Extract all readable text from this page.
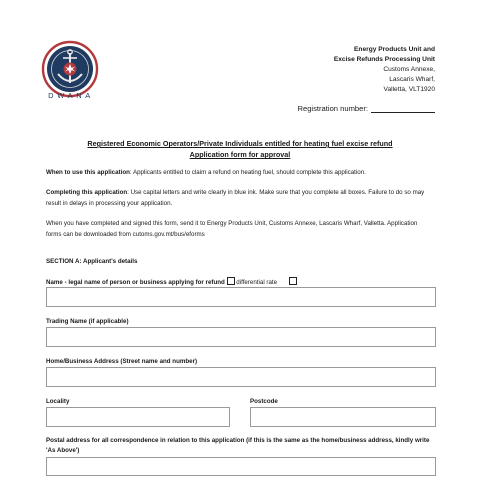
DWANA
Energy Products Unit and
Excise Refunds Processing Unit
Customs Annexe,
Lascaris Wharf,
Valletta, VLT1920
Registration number:
Registered Economic Operators/Private Individuals entitled for heating fuel excise refund
Application form for approval
When to use this application: Applicants entitled to claim a refund on heating fuel, should complete this application.
Completing this application: Use capital letters and write clearly in blue ink. Make sure that you complete all boxes. Failure to do so may result in delays in processing your application.
When you have completed and signed this form, send it to Energy Products Unit, Customs Annexe, Lascaris Wharf, Valletta. Application forms can be downloaded from cutoms.gov.mt/bus/eforms
SECTION A: Applicant's details
Name - legal name of person or business applying for refund differential rate
Trading Name (if applicable)
Home/Business Address (Street name and number)
Locality	Postcode
Postal address for all correspondence in relation to this application (if this is the same as the home/business address, kindly write 'As Above')
